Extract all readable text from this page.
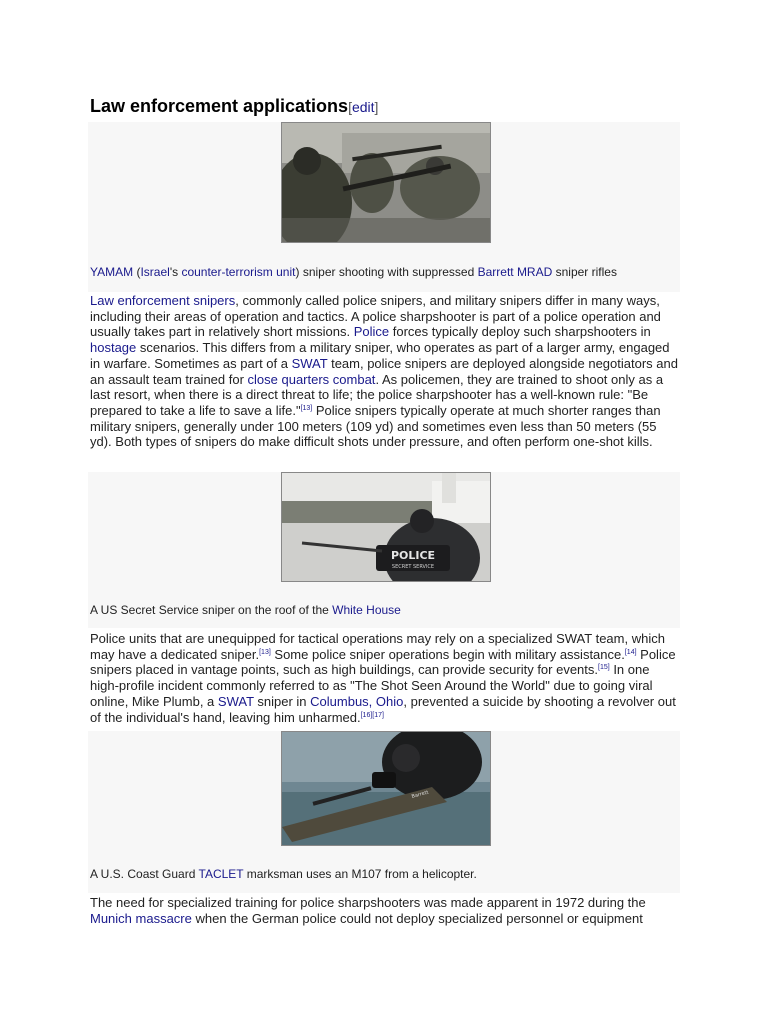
Law enforcement applications[edit]
YAMAM (Israel's counter-terrorism unit) sniper shooting with suppressed Barrett MRAD sniper rifles

Law enforcement snipers, commonly called police snipers, and military snipers differ in many ways, including their areas of operation and tactics. A police sharpshooter is part of a police operation and usually takes part in relatively short missions. Police forces typically deploy such sharpshooters in hostage scenarios. This differs from a military sniper, who operates as part of a larger army, engaged in warfare. Sometimes as part of a SWAT team, police snipers are deployed alongside negotiators and an assault team trained for close quarters combat. As policemen, they are trained to shoot only as a last resort, when there is a direct threat to life; the police sharpshooter has a well-known rule: "Be prepared to take a life to save a life."[13] Police snipers typically operate at much shorter ranges than military snipers, generally under 100 meters (109 yd) and sometimes even less than 50 meters (55 yd). Both types of snipers do make difficult shots under pressure, and often perform one-shot kills.

POLICE
SECRET SERVICE
A US Secret Service sniper on the roof of the White House

Police units that are unequipped for tactical operations may rely on a specialized SWAT team, which may have a dedicated sniper.[13] Some police sniper operations begin with military assistance.[14] Police snipers placed in vantage points, such as high buildings, can provide security for events.[15] In one high-profile incident commonly referred to as "The Shot Seen Around the World" due to going viral online, Mike Plumb, a SWAT sniper in Columbus, Ohio, prevented a suicide by shooting a revolver out of the individual's hand, leaving him unharmed.[16][17]

Barrett
A U.S. Coast Guard TACLET marksman uses an M107 from a helicopter.

The need for specialized training for police sharpshooters was made apparent in 1972 during the Munich massacre when the German police could not deploy specialized personnel or equipment
